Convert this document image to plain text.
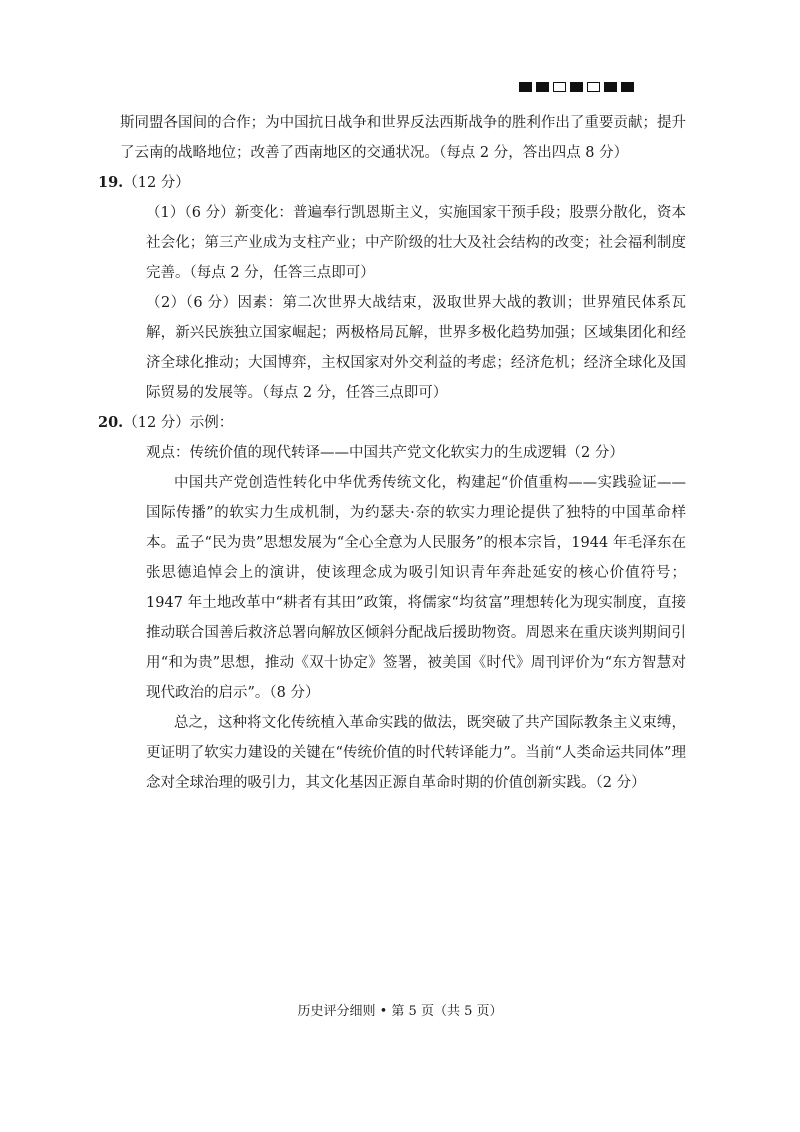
斯同盟各国间的合作；为中国抗日战争和世界反法西斯战争的胜利作出了重要贡献；提升了云南的战略地位；改善了西南地区的交通状况。（每点 2 分，答出四点 8 分）

19.（12 分）

（1）（6 分）新变化：普遍奉行凯恩斯主义，实施国家干预手段；股票分散化，资本社会化；第三产业成为支柱产业；中产阶级的壮大及社会结构的改变；社会福利制度完善。（每点 2 分，任答三点即可）

（2）（6 分）因素：第二次世界大战结束，汲取世界大战的教训；世界殖民体系瓦解，新兴民族独立国家崛起；两极格局瓦解，世界多极化趋势加强；区域集团化和经济全球化推动；大国博弈，主权国家对外交利益的考虑；经济危机；经济全球化及国际贸易的发展等。（每点 2 分，任答三点即可）

20.（12 分）示例：

观点：传统价值的现代转译——中国共产党文化软实力的生成逻辑（2 分）

中国共产党创造性转化中华优秀传统文化，构建起“价值重构——实践验证——国际传播”的软实力生成机制，为约瑟夫·奈的软实力理论提供了独特的中国革命样本。孟子“民为贵”思想发展为“全心全意为人民服务”的根本宗旨，1944 年毛泽东在张思德追悼会上的演讲，使该理念成为吸引知识青年奔赴延安的核心价值符号；1947 年土地改革中“耕者有其田”政策，将儒家“均贫富”理想转化为现实制度，直接推动联合国善后救济总署向解放区倾斜分配战后援助物资。周恩来在重庆谈判期间引用“和为贵”思想，推动《双十协定》签署，被美国《时代》周刊评价为“东方智慧对现代政治的启示”。（8 分）

总之，这种将文化传统植入革命实践的做法，既突破了共产国际教条主义束缚，更证明了软实力建设的关键在“传统价值的时代转译能力”。当前“人类命运共同体”理念对全球治理的吸引力，其文化基因正源自革命时期的价值创新实践。（2 分）

历史评分细则 • 第 5 页（共 5 页）
